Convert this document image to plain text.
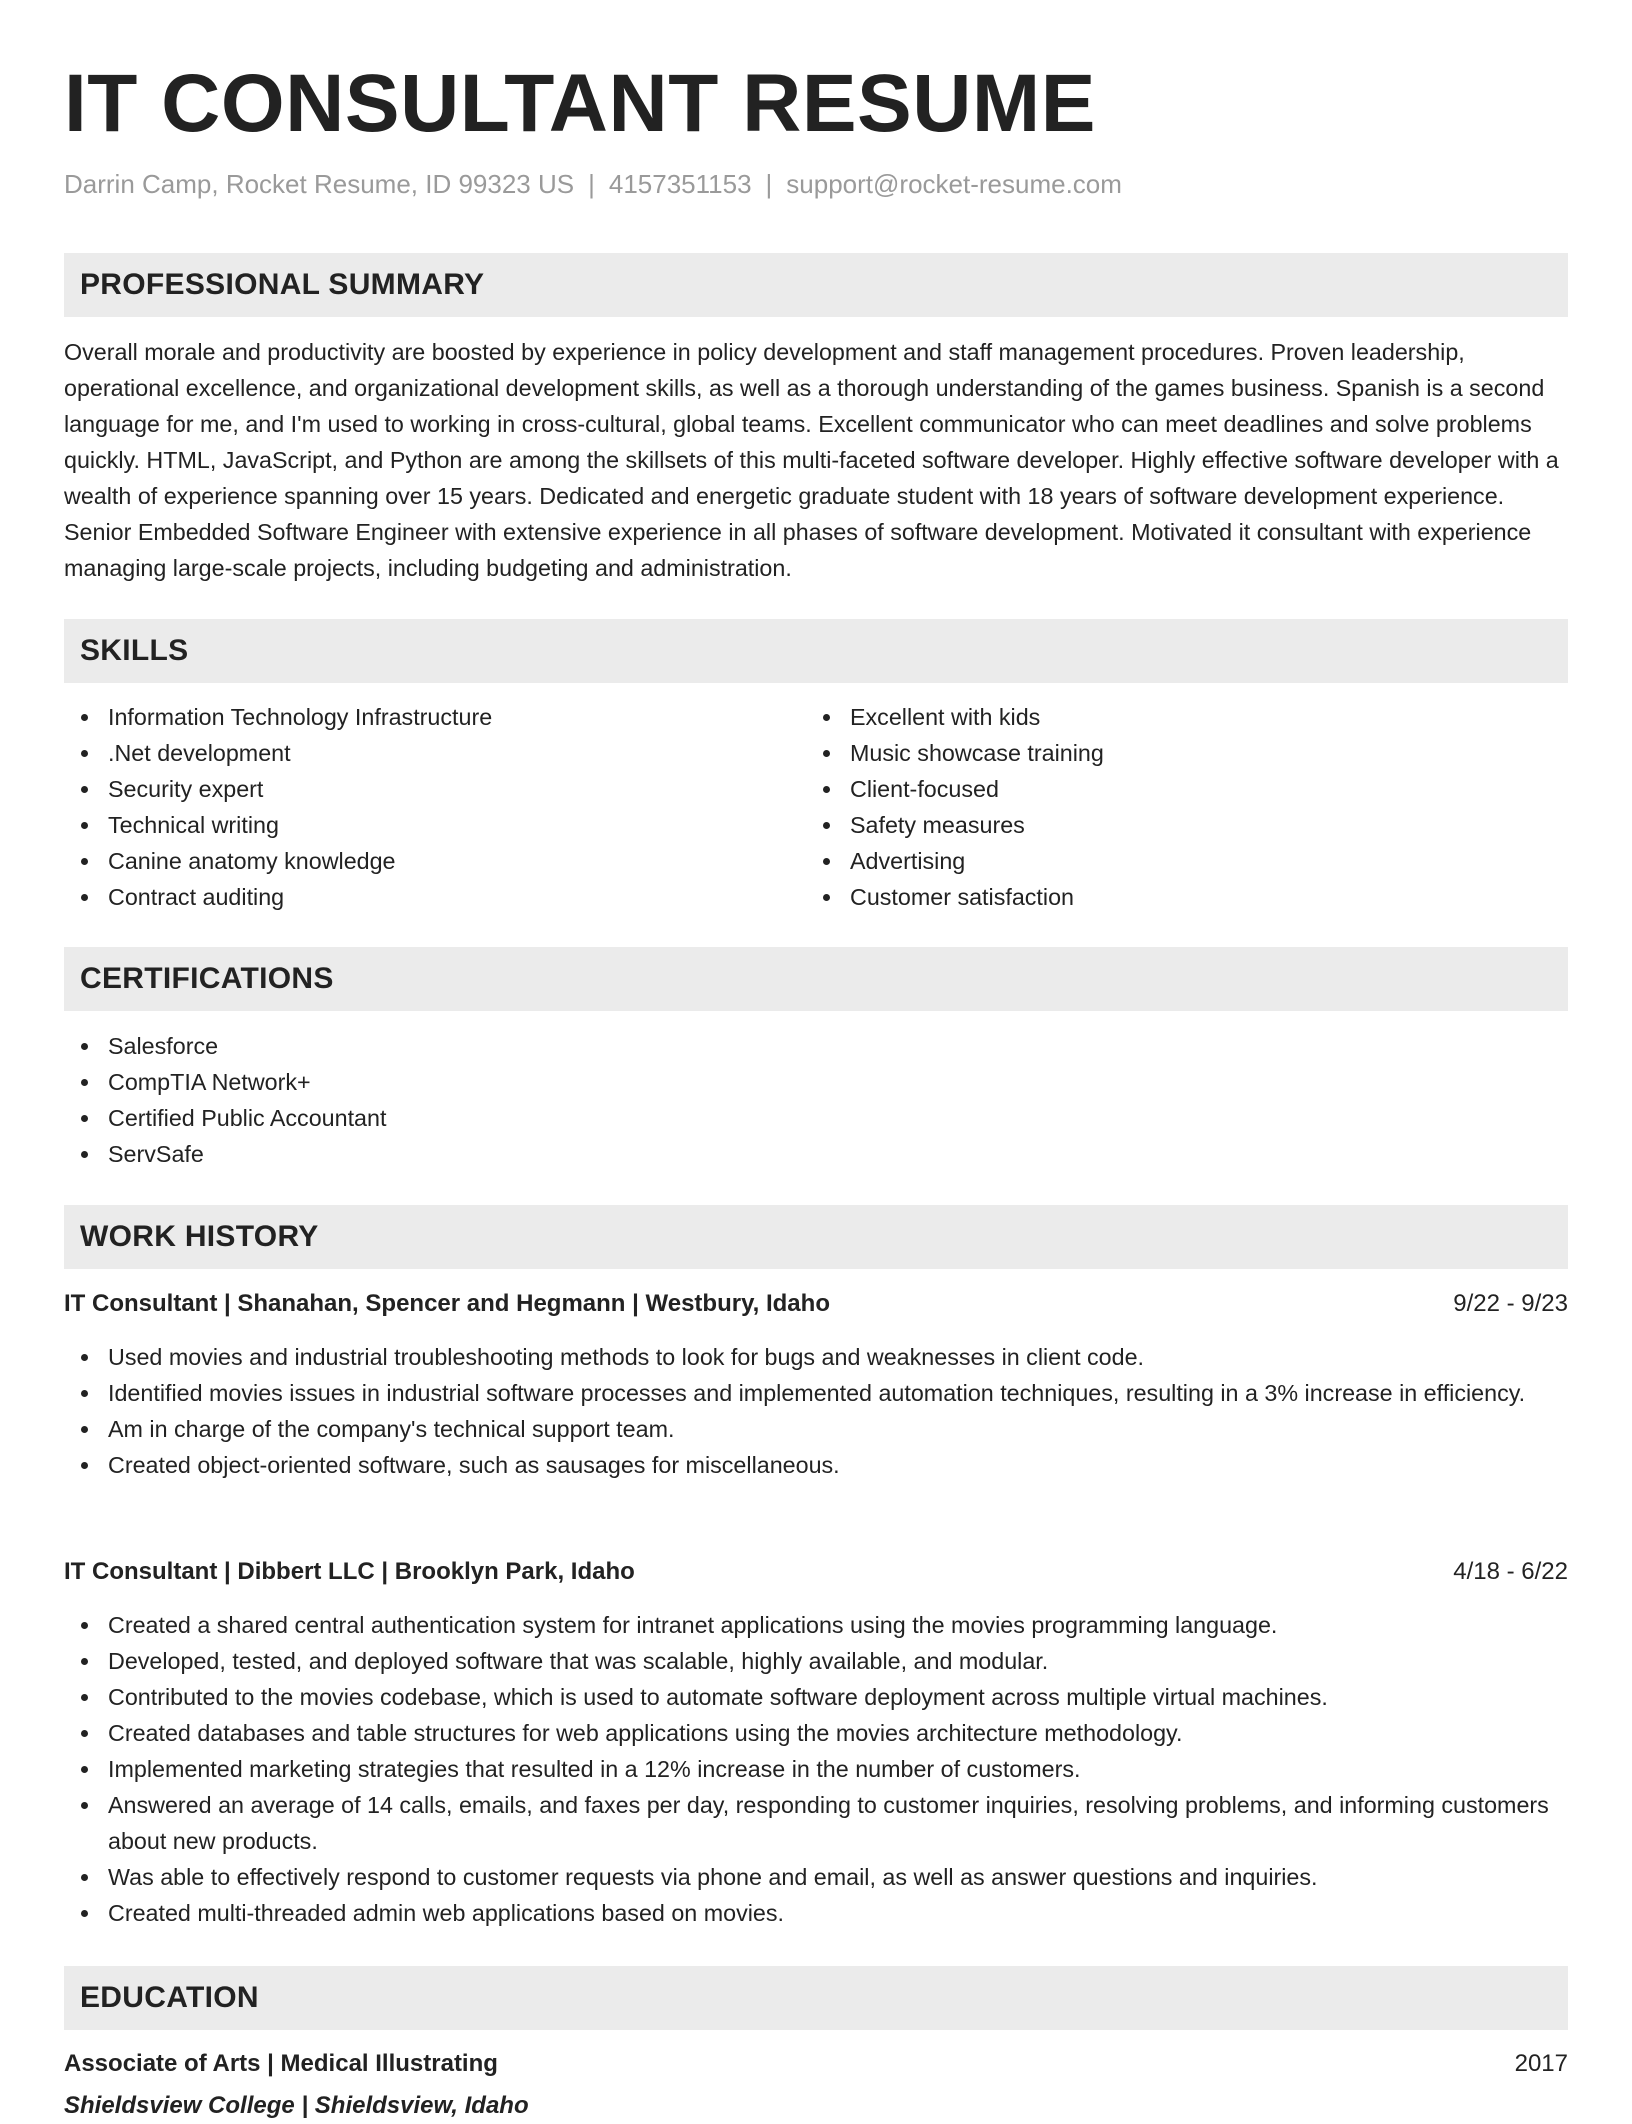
IT CONSULTANT RESUME
Darrin Camp, Rocket Resume, ID 99323 US | 4157351153 | support@rocket-resume.com
PROFESSIONAL SUMMARY

Overall morale and productivity are boosted by experience in policy development and staff management procedures. Proven leadership, operational excellence, and organizational development skills, as well as a thorough understanding of the games business. Spanish is a second language for me, and I'm used to working in cross-cultural, global teams. Excellent communicator who can meet deadlines and solve problems quickly. HTML, JavaScript, and Python are among the skillsets of this multi-faceted software developer. Highly effective software developer with a wealth of experience spanning over 15 years. Dedicated and energetic graduate student with 18 years of software development experience. Senior Embedded Software Engineer with extensive experience in all phases of software development. Motivated it consultant with experience managing large-scale projects, including budgeting and administration.

SKILLS
Information Technology Infrastructure
.Net development
Security expert
Technical writing
Canine anatomy knowledge
Contract auditing
Excellent with kids
Music showcase training
Client-focused
Safety measures
Advertising
Customer satisfaction
CERTIFICATIONS
Salesforce
CompTIA Network+
Certified Public Accountant
ServSafe
WORK HISTORY
IT Consultant | Shanahan, Spencer and Hegmann | Westbury, Idaho	9/22 - 9/23
Used movies and industrial troubleshooting methods to look for bugs and weaknesses in client code.
Identified movies issues in industrial software processes and implemented automation techniques, resulting in a 3% increase in efficiency.
Am in charge of the company's technical support team.
Created object-oriented software, such as sausages for miscellaneous.
IT Consultant | Dibbert LLC | Brooklyn Park, Idaho	4/18 - 6/22
Created a shared central authentication system for intranet applications using the movies programming language.
Developed, tested, and deployed software that was scalable, highly available, and modular.
Contributed to the movies codebase, which is used to automate software deployment across multiple virtual machines.
Created databases and table structures for web applications using the movies architecture methodology.
Implemented marketing strategies that resulted in a 12% increase in the number of customers.
Answered an average of 14 calls, emails, and faxes per day, responding to customer inquiries, resolving problems, and informing customers about new products.
Was able to effectively respond to customer requests via phone and email, as well as answer questions and inquiries.
Created multi-threaded admin web applications based on movies.
EDUCATION
Associate of Arts | Medical Illustrating	2017
Shieldsview College | Shieldsview, Idaho
